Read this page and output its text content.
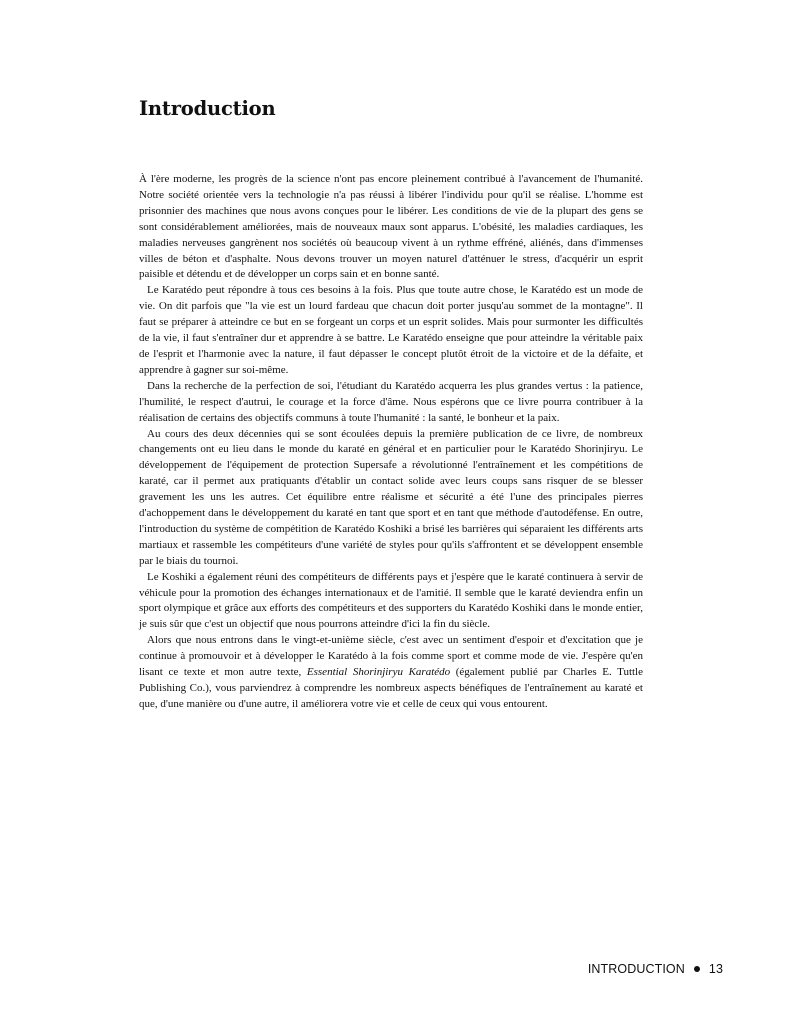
Introduction

À l'ère moderne, les progrès de la science n'ont pas encore pleinement contribué à l'avancement de l'humanité. Notre société orientée vers la technologie n'a pas réussi à libérer l'individu pour qu'il se réalise. L'homme est prisonnier des machines que nous avons conçues pour le libérer. Les conditions de vie de la plupart des gens se sont considérablement améliorées, mais de nouveaux maux sont apparus. L'obésité, les maladies cardiaques, les maladies nerveuses gangrènent nos sociétés où beaucoup vivent à un rythme effréné, aliénés, dans d'immenses villes de béton et d'asphalte. Nous devons trouver un moyen naturel d'atténuer le stress, d'acquérir un esprit paisible et détendu et de développer un corps sain et en bonne santé.

Le Karatédo peut répondre à tous ces besoins à la fois. Plus que toute autre chose, le Karatédo est un mode de vie. On dit parfois que "la vie est un lourd fardeau que chacun doit porter jusqu'au sommet de la montagne". Il faut se préparer à atteindre ce but en se forgeant un corps et un esprit solides. Mais pour surmonter les difficultés de la vie, il faut s'entraîner dur et apprendre à se battre. Le Karatédo enseigne que pour atteindre la véritable paix de l'esprit et l'harmonie avec la nature, il faut dépasser le concept plutôt étroit de la victoire et de la défaite, et apprendre à gagner sur soi-même.

Dans la recherche de la perfection de soi, l'étudiant du Karatédo acquerra les plus grandes vertus : la patience, l'humilité, le respect d'autrui, le courage et la force d'âme. Nous espérons que ce livre pourra contribuer à la réalisation de certains des objectifs communs à toute l'humanité : la santé, le bonheur et la paix.

Au cours des deux décennies qui se sont écoulées depuis la première publication de ce livre, de nombreux changements ont eu lieu dans le monde du karaté en général et en particulier pour le Karatédo Shorinjiryu. Le développement de l'équipement de protection Supersafe a révolutionné l'entraînement et les compétitions de karaté, car il permet aux pratiquants d'établir un contact solide avec leurs coups sans risquer de se blesser gravement les uns les autres. Cet équilibre entre réalisme et sécurité a été l'une des principales pierres d'achoppement dans le développement du karaté en tant que sport et en tant que méthode d'autodéfense. En outre, l'introduction du système de compétition de Karatédo Koshiki a brisé les barrières qui séparaient les différents arts martiaux et rassemble les compétiteurs d'une variété de styles pour qu'ils s'affrontent et se développent ensemble par le biais du tournoi.

Le Koshiki a également réuni des compétiteurs de différents pays et j'espère que le karaté continuera à servir de véhicule pour la promotion des échanges internationaux et de l'amitié. Il semble que le karaté deviendra enfin un sport olympique et grâce aux efforts des compétiteurs et des supporters du Karatédo Koshiki dans le monde entier, je suis sûr que c'est un objectif que nous pourrons atteindre d'ici la fin du siècle.

Alors que nous entrons dans le vingt-et-unième siècle, c'est avec un sentiment d'espoir et d'excitation que je continue à promouvoir et à développer le Karatédo à la fois comme sport et comme mode de vie. J'espère qu'en lisant ce texte et mon autre texte, Essential Shorinjiryu Karatédo (également publié par Charles E. Tuttle Publishing Co.), vous parviendrez à comprendre les nombreux aspects bénéfiques de l'entraînement au karaté et que, d'une manière ou d'une autre, il améliorera votre vie et celle de ceux qui vous entourent.

INTRODUCTION 13
